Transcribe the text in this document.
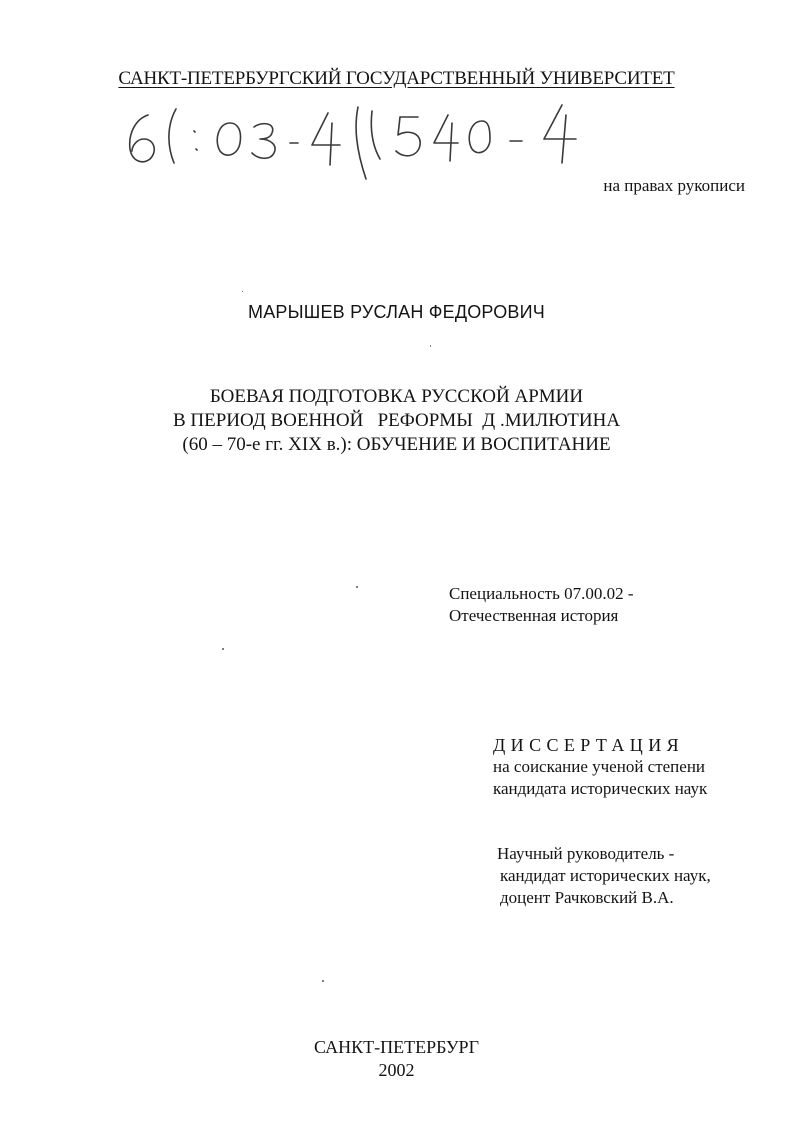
САНКТ-ПЕТЕРБУРГСКИЙ ГОСУДАРСТВЕННЫЙ УНИВЕРСИТЕТ
на правах рукописи
МАРЫШЕВ РУСЛАН ФЕДОРОВИЧ
БОЕВАЯ ПОДГОТОВКА РУССКОЙ АРМИИ
В ПЕРИОД ВОЕННОЙ   РЕФОРМЫ  Д .МИЛЮТИНА
(60 – 70-е гг. XIX в.): ОБУЧЕНИЕ И ВОСПИТАНИЕ
Специальность 07.00.02 -
Отечественная история
ДИССЕРТАЦИЯ
на соискание ученой степени
кандидата исторических наук
Научный руководитель -
кандидат исторических наук,
доцент Рачковский В.А.
САНКТ-ПЕТЕРБУРГ
2002
